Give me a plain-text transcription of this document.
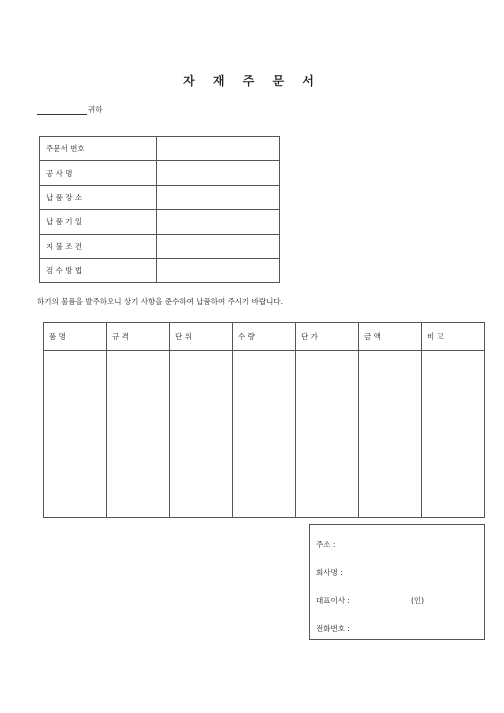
자 재 주 문 서
귀하
주문서 번호	
공 사 명	
납 품 장 소	
납 품 기 일	
지 불 조 건	
검 수 방 법	
하기의 물품을 발주하오니 상기 사항을 준수하여 납품하여 주시기 바랍니다.
품 명	규 격	단 위	수 량	단 가	금 액	비 고

주소 :
회사명 :
대표이사 :	(인)
전화번호 :
